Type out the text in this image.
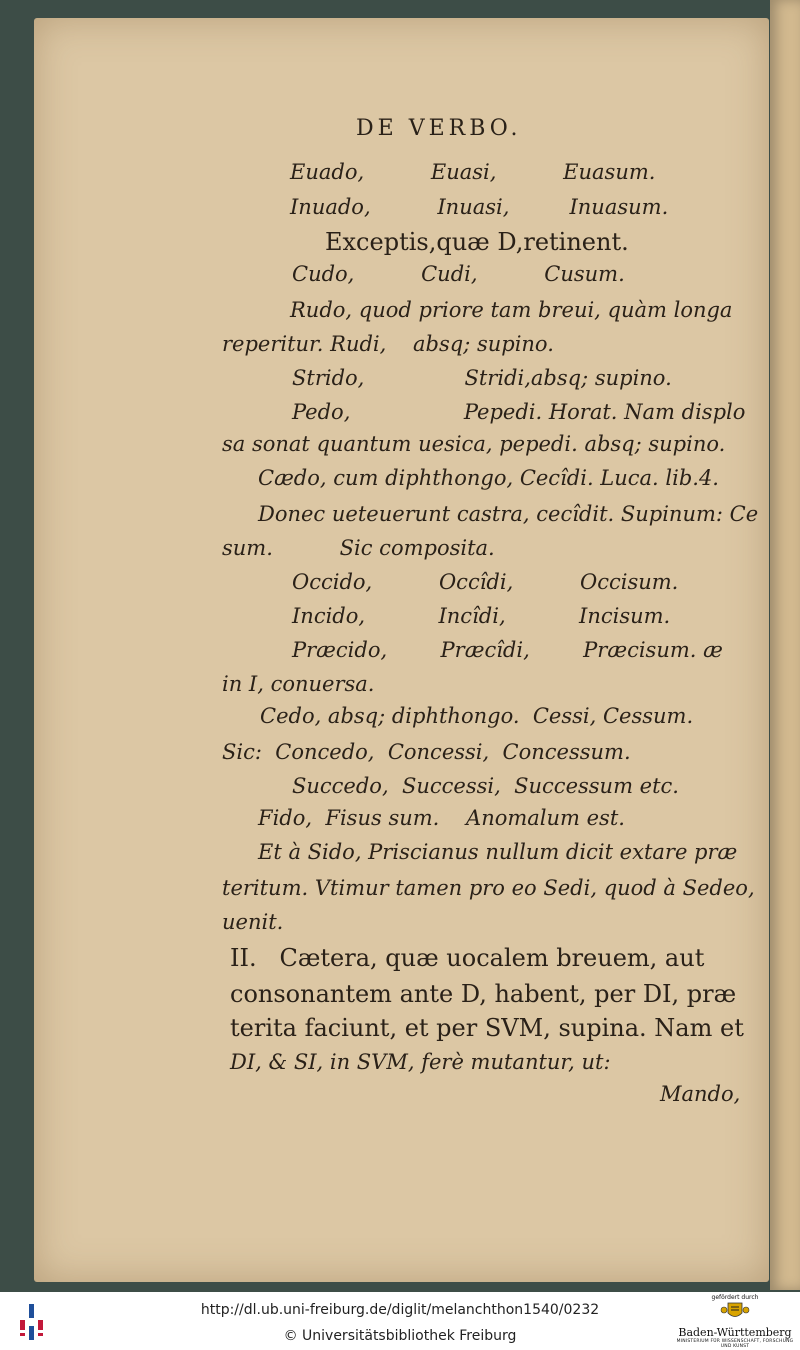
DE VERBO.
Euado,          Euasi,          Euasum.
Inuado,          Inuasi,         Inuasum.
Exceptis,quæ D,retinent.
Cudo,          Cudi,          Cusum.
Rudo, quod priore tam breui, quàm longa
reperitur. Rudi,    absq; supino.
Strido,               Stridi,absq; supino.
Pedo,                 Pepedi. Horat. Nam displo
sa sonat quantum uesica, pepedi. absq; supino.
Cædo, cum diphthongo, Cecîdi. Luca. lib.4.
Donec ueteuerunt castra, cecîdit. Supinum: Ce
sum.          Sic composita.
Occido,          Occîdi,          Occisum.
Incido,           Incîdi,           Incisum.
Præcido,        Præcîdi,        Præcisum. æ
in I, conuersa.
Cedo, absq; diphthongo.  Cessi, Cessum.
Sic:  Concedo,  Concessi,  Concessum.
Succedo,  Successi,  Successum etc.
Fido,  Fisus sum.    Anomalum est.
Et à Sido, Priscianus nullum dicit extare præ
teritum. Vtimur tamen pro eo Sedi, quod à Sedeo,
uenit.
II.   Cætera, quæ uocalem breuem, aut
consonantem ante D, habent, per DI, præ
terita faciunt, et per SVM, supina. Nam et
DI, & SI, in SVM, ferè mutantur, ut:
Mando,
http://dl.ub.uni-freiburg.de/diglit/melanchthon1540/0232
© Universitätsbibliothek Freiburg
gefördert durch
Baden-Württemberg
MINISTERIUM FÜR WISSENSCHAFT, FORSCHUNG UND KUNST
